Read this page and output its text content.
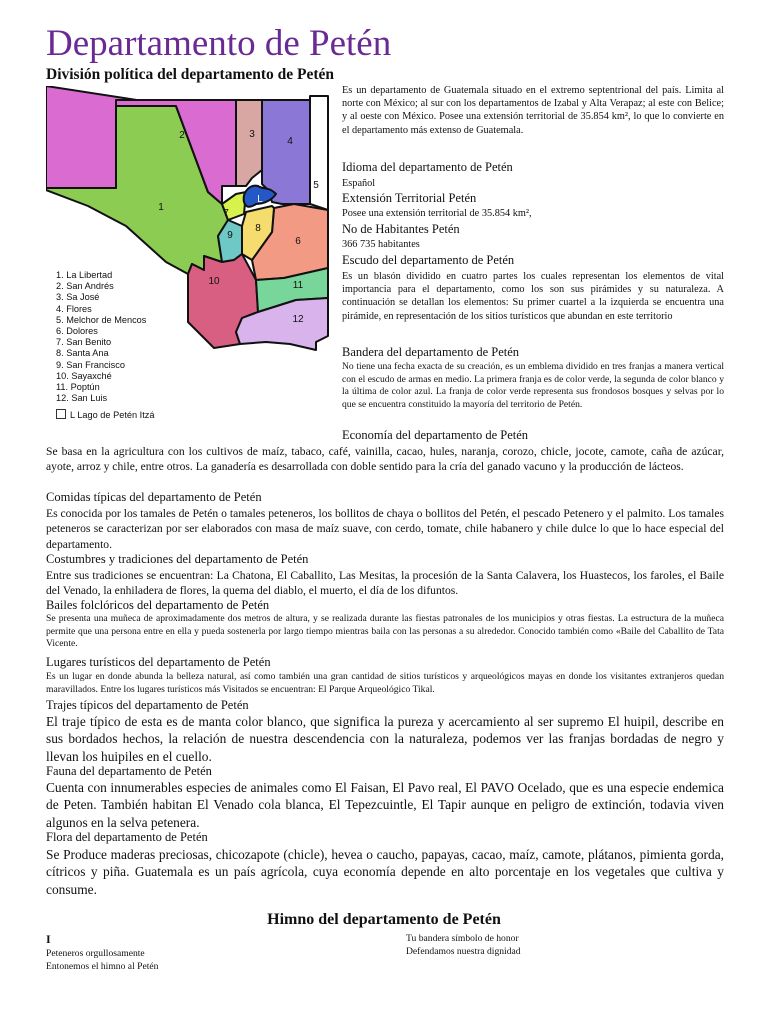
Departamento de Petén
División política del departamento de Petén
1
2	3
4
5
6
7
8
9
10	11
12
L
1. La Libertad
2. San Andrés
3. Sa José
4. Flores
5. Melchor de Mencos
6. Dolores
7. San Benito
8. Santa Ana
9. San Francisco
10. Sayaxché
11. Poptún
12. San Luis
L Lago de Petén Itzá
Es un departamento de Guatemala situado en el extremo septentrional del país. Limita al norte con México; al sur con los departamentos de Izabal y Alta Verapaz; al este con Belice; y al oeste con México. Posee una extensión territorial de 35.854 km², lo que lo convierte en el departamento más extenso de Guatemala.
Idioma del departamento de Petén
Español
Extensión Territorial Petén
Posee una extensión territorial de 35.854 km²,
No de Habitantes Petén
366 735 habitantes
Escudo del departamento de Petén
Es un blasón dividido en cuatro partes los cuales representan los elementos de vital importancia para el departamento, como los son sus pirámides y su naturaleza. A continuación se detallan los elementos: Su primer cuartel a la izquierda se encuentra una pirámide, en representación de los sitios turísticos que abundan en este territorio
Bandera del departamento de Petén
No tiene una fecha exacta de su creación, es un emblema dividido en tres franjas a manera vertical con el escudo de armas en medio. La primera franja es de color verde, la segunda de color blanco y la última de color azul. La franja de color verde representa sus frondosos bosques y selvas por lo que se encuentra constituido la mayoría del territorio de Petén.
Economía del departamento de Petén
Se basa en la agricultura con los cultivos de maíz, tabaco, café, vainilla, cacao, hules, naranja, corozo, chicle, jocote, camote, caña de azúcar, ayote, arroz y chile, entre otros. La ganadería es desarrollada con doble sentido para la cría del ganado vacuno y la producción de lácteos.
Comidas típicas del departamento de Petén
Es conocida por los tamales de Petén o tamales peteneros, los bollitos de chaya o bollitos del Petén, el pescado Petenero y el palmito. Los tamales peteneros se caracterizan por ser elaborados con masa de maíz suave, con cerdo, tomate, chile habanero y chile dulce lo que lo hace especial del departamento.
Costumbres y tradiciones del departamento de Petén
Entre sus tradiciones se encuentran: La Chatona, El Caballito, Las Mesitas, la procesión de la Santa Calavera, los Huastecos, los faroles, el Baile del Venado, la enhiladera de flores, la quema del diablo, el muerto, el día de los difuntos.
Bailes folclóricos del departamento de Petén
Se presenta una muñeca de aproximadamente dos metros de altura, y se realizada durante las fiestas patronales de los municipios y otras fiestas. La estructura de la muñeca permite que una persona entre en ella y pueda sostenerla por largo tiempo mientras baila con las personas a su alrededor. Conocido también como «Baile del Caballito de Tata Vicente.
Lugares turísticos del departamento de Petén
Es un lugar en donde abunda la belleza natural, así como también una gran cantidad de sitios turísticos y arqueológicos mayas en donde los visitantes extranjeros quedan maravillados. Entre los lugares turísticos más Visitados se encuentran: El Parque Arqueológico Tikal.
Trajes típicos del departamento de Petén
El traje típico de esta es de manta color blanco, que significa la pureza y acercamiento al ser supremo El huipil, describe en sus bordados hechos, la relación de nuestra descendencia con la naturaleza, podemos ver las franjas bordadas de negro y llevan los huipiles en el cuello.
Fauna del departamento de Petén
Cuenta con innumerables especies de animales como El Faisan, El Pavo real, El PAVO Ocelado, que es una especie endemica de Peten. También habitan El Venado cola blanca, El Tepezcuintle, El Tapir aunque en peligro de extinción, todavia viven algunos en la selva petenera.
Flora del departamento de Petén
Se Produce maderas preciosas, chicozapote (chicle), hevea o caucho, papayas, cacao, maíz, camote, plátanos, pimienta gorda, cítricos y piña. Guatemala es un país agrícola, cuya economía depende en alto porcentaje en los vegetales que cultiva y consume.
Himno del departamento de Petén
I
Peteneros orgullosamente
Entonemos el himno al Petén
Tu bandera símbolo de honor
Defendamos nuestra dignidad
